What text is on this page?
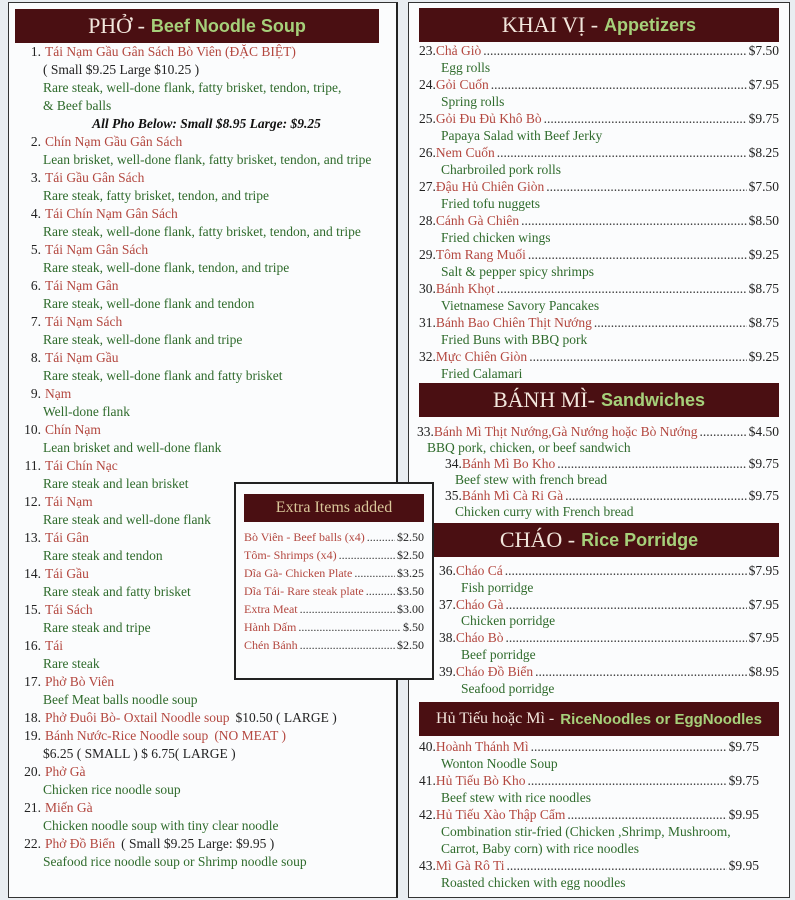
PHỞ - Beef Noodle Soup
1. Tái Nạm Gầu Gân Sách Bò Viên (ĐẶC BIỆT)
( Small $9.25 Large $10.25 )
Rare steak, well-done flank, fatty brisket, tendon, tripe,
& Beef balls
All Pho Below: Small $8.95 Large: $9.25
2. Chín Nạm Gầu Gân Sách
Lean brisket, well-done flank, fatty brisket, tendon, and tripe
3. Tái Gầu Gân Sách
Rare steak, fatty brisket, tendon, and tripe
4. Tái Chín Nạm Gân Sách
Rare steak, well-done flank, fatty brisket, tendon, and tripe
5. Tái Nạm Gân Sách
Rare steak, well-done flank, tendon, and tripe
6. Tái Nạm Gân
Rare steak, well-done flank and tendon
7. Tái Nạm Sách
Rare steak, well-done flank and tripe
8. Tái Nạm Gầu
Rare steak, well-done flank and fatty brisket
9. Nạm
Well-done flank
10. Chín Nạm
Lean brisket and well-done flank
11. Tái Chín Nạc
Rare steak and lean brisket
12. Tái Nạm
Rare steak and well-done flank
13. Tái Gân
Rare steak and tendon
14. Tái Gầu
Rare steak and fatty brisket
15. Tái Sách
Rare steak and tripe
16. Tái
Rare steak
17. Phở Bò Viên
Beef Meat balls noodle soup
18. Phở Đuôi Bò- Oxtail Noodle soup $10.50 ( LARGE )
19. Bánh Nước-Rice Noodle soup (NO MEAT )
$6.25 ( SMALL ) $ 6.75( LARGE )
20. Phở Gà
Chicken rice noodle soup
21. Miến Gà
Chicken noodle soup with tiny clear noodle
22. Phở Đồ Biển ( Small $9.25 Large: $9.95 )
Seafood rice noodle soup or Shrimp noodle soup
KHAI VỊ - Appetizers
23. Chả Giò .....	$7.50
Egg rolls
24. Gỏi Cuốn .....	$7.95
Spring rolls
25. Gỏi Đu Đủ Khô Bò .....	$9.75
Papaya Salad with Beef Jerky
26. Nem Cuốn .....	$8.25
Charbroiled pork rolls
27. Đậu Hủ Chiên Giòn .....	$7.50
Fried tofu nuggets
28. Cánh Gà Chiên .....	$8.50
Fried chicken wings
29. Tôm Rang Muối .....	$9.25
Salt & pepper spicy shrimps
30. Bánh Khọt .....	$8.75
Vietnamese Savory Pancakes
31. Bánh Bao Chiên Thịt Nướng .....	$8.75
Fried Buns with BBQ pork
32. Mực Chiên Giòn .....	$9.25
Fried Calamari
BÁNH MÌ- Sandwiches
33. Bánh Mì Thịt Nướng,Gà Nướng hoặc Bò Nướng .....	$4.50
BBQ pork, chicken, or beef sandwich
34. Bánh Mì Bo Kho .....	$9.75
Beef stew with french bread
35. Bánh Mì Cà Ri Gà .....	$9.75
Chicken curry with French bread
CHÁO - Rice Porridge
36. Cháo Cá .....	$7.95
Fish porridge
37. Cháo Gà .....	$7.95
Chicken porridge
38. Cháo Bò .....	$7.95
Beef porridge
39. Cháo Đồ Biển .....	$8.95
Seafood porridge
Hủ Tiếu hoặc Mì - RiceNoodles or EggNoodles
40. Hoành Thánh Mì .....	$9.75
Wonton Noodle Soup
41. Hủ Tiếu Bò Kho .....	$9.75
Beef stew with rice noodles
42. Hủ Tiếu Xào Thập Cẩm .....	$9.95
Combination stir-fried (Chicken ,Shrimp, Mushroom,
Carrot, Baby corn) with rice noodles
43. Mì Gà Rô Ti .....	$9.95
Roasted chicken with egg noodles
Extra Items added
Bò Viên - Beef balls (x4) .....	$2.50
Tôm- Shrimps (x4) .....	$2.50
Dĩa Gà- Chicken Plate .....	$3.25
Dĩa Tái- Rare steak plate .....	$3.50
Extra Meat .....	$3.00
Hành Dấm .....	$.50
Chén Bánh .....	$2.50
